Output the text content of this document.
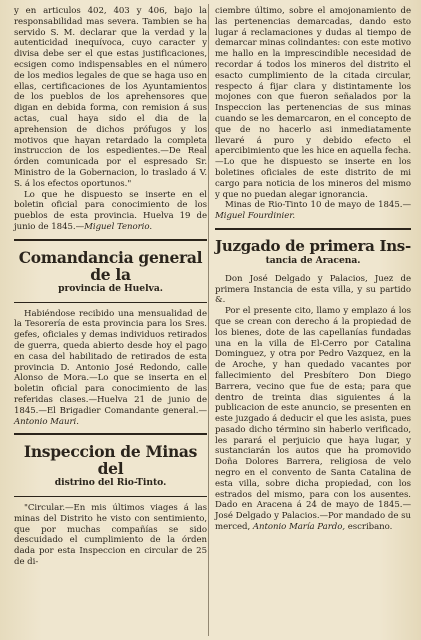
y en articulos 402, 403 y 406, bajo la responsabilidad mas severa. Tambien se ha servido S. M. declarar que la verdad y la autenticidad inequívoca, cuyo caracter y divisa debe ser el que estas justificaciones, ecsigen como indispensables en el número de los medios legales de que se haga uso en ellas, certificaciones de los Ayuntamientos de los pueblos de los aprehensores que digan en debida forma, con remision á sus actas, cual haya sido el dia de la aprehension de dichos prófugos y los motivos que hayan retardado la completa instruccion de los espedientes.—De Real órden comunicada por el espresado Sr. Ministro de la Gobernacion, lo traslado á V. S. á los efectos oportunos."

Lo que he dispuesto se inserte en el boletin oficial para conocimiento de los pueblos de esta provincia. Huelva 19 de junio de 1845.—Miguel Tenorio.

Comandancia general de la
provincia de Huelva.

Habiéndose recibido una mensualidad de la Tesorería de esta provincia para los Sres. gefes, oficiales y demas individuos retirados de guerra, queda abierto desde hoy el pago en casa del habilitado de retirados de esta provincia D. Antonio José Redondo, calle Alonso de Mora.—Lo que se inserta en el boletin oficial para conocimiento de las referidas clases.—Huelva 21 de junio de 1845.—El Brigadier Comandante general.—Antonio Mauri.

Inspeccion de Minas del
distrino del Rio-Tinto.

"Circular.—En mis últimos viages á las minas del Distrito he visto con sentimiento, que por muchas compañías se sido descuidado el cumplimiento de la órden dada por esta Inspeccion en circular de 25 de di-

ciembre último, sobre el amojonamiento de las pertenencias demarcadas, dando esto lugar á reclamaciones y dudas al tiempo de demarcar minas colindantes: con este motivo me hallo en la imprescindible necesidad de recordar á todos los mineros del distrito el esacto cumplimiento de la citada circular, respecto á fijar clara y distintamente los mojones con que fueron señalados por la Inspeccion las pertenencias de sus minas cuando se les demarcaron, en el concepto de que de no hacerlo asi inmediatamente llevaré á puro y debido efecto el apercibimiento que les hice en aquella fecha.—Lo que he dispuesto se inserte en los boletines oficiales de este distrito de mi cargo para noticia de los mineros del mismo y que no puedan alegar ignorancia.

Minas de Rio-Tinto 10 de mayo de 1845.—Miguel Fourdinier.

Juzgado de primera Ins-
tancia de Aracena.

Don José Delgado y Palacios, Juez de primera Instancia de esta villa, y su partido &.

Por el presente cito, llamo y emplazo á los que se crean con derecho á la propiedad de los bienes, dote de las capellanías fundadas una en la villa de El-Cerro por Catalina Dominguez, y otra por Pedro Vazquez, en la de Aroche, y han quedado vacantes por fallecimiento del Presbítero Don Diego Barrera, vecino que fue de esta; para que dentro de treinta dias siguientes á la publicacion de este anuncio, se presenten en este juzgado á deducir el que les asista, pues pasado dicho término sin haberlo verificado, les parará el perjuicio que haya lugar, y sustanciarán los autos que ha promovido Doña Dolores Barrera, religiosa de velo negro en el convento de Santa Catalina de esta villa, sobre dicha propiedad, con los estrados del mismo, para con los ausentes. Dado en Aracena á 24 de mayo de 1845.—José Delgado y Palacios.—Por mandado de su merced, Antonio María Pardo, escribano.
